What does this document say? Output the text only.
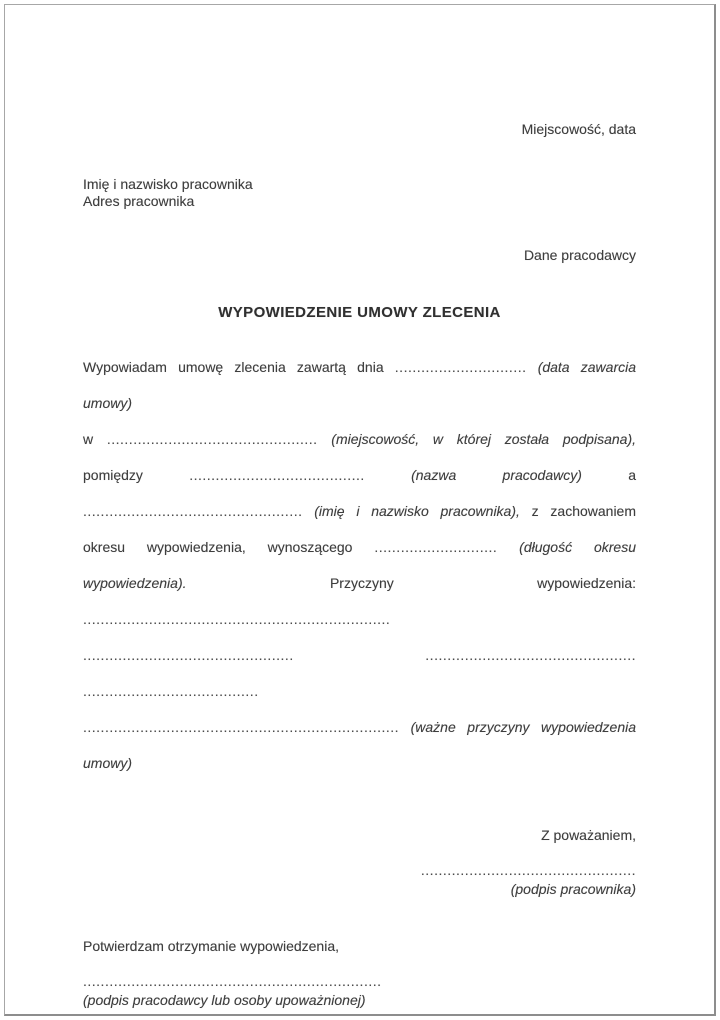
Miejscowość, data
Imię i nazwisko pracownika
Adres pracownika
Dane pracodawcy
WYPOWIEDZENIE UMOWY ZLECENIA
Wypowiadam umowę zlecenia zawartą dnia .............................. (data zawarcia umowy)
w ................................................ (miejscowość, w której została podpisana),
pomiędzy	........................................	(nazwa pracodawcy)	a
.................................................. (imię i nazwisko pracownika), z zachowaniem
okresu wypowiedzenia, wynoszącego ............................ (długość okresu
wypowiedzenia).	Przyczyny wypowiedzenia: ......................................................................
................................................	................................................ ........................................
........................................................................ (ważne przyczyny wypowiedzenia umowy)
Z poważaniem,
.................................................
(podpis pracownika)
Potwierdzam otrzymanie wypowiedzenia,
....................................................................
(podpis pracodawcy lub osoby upoważnionej)
